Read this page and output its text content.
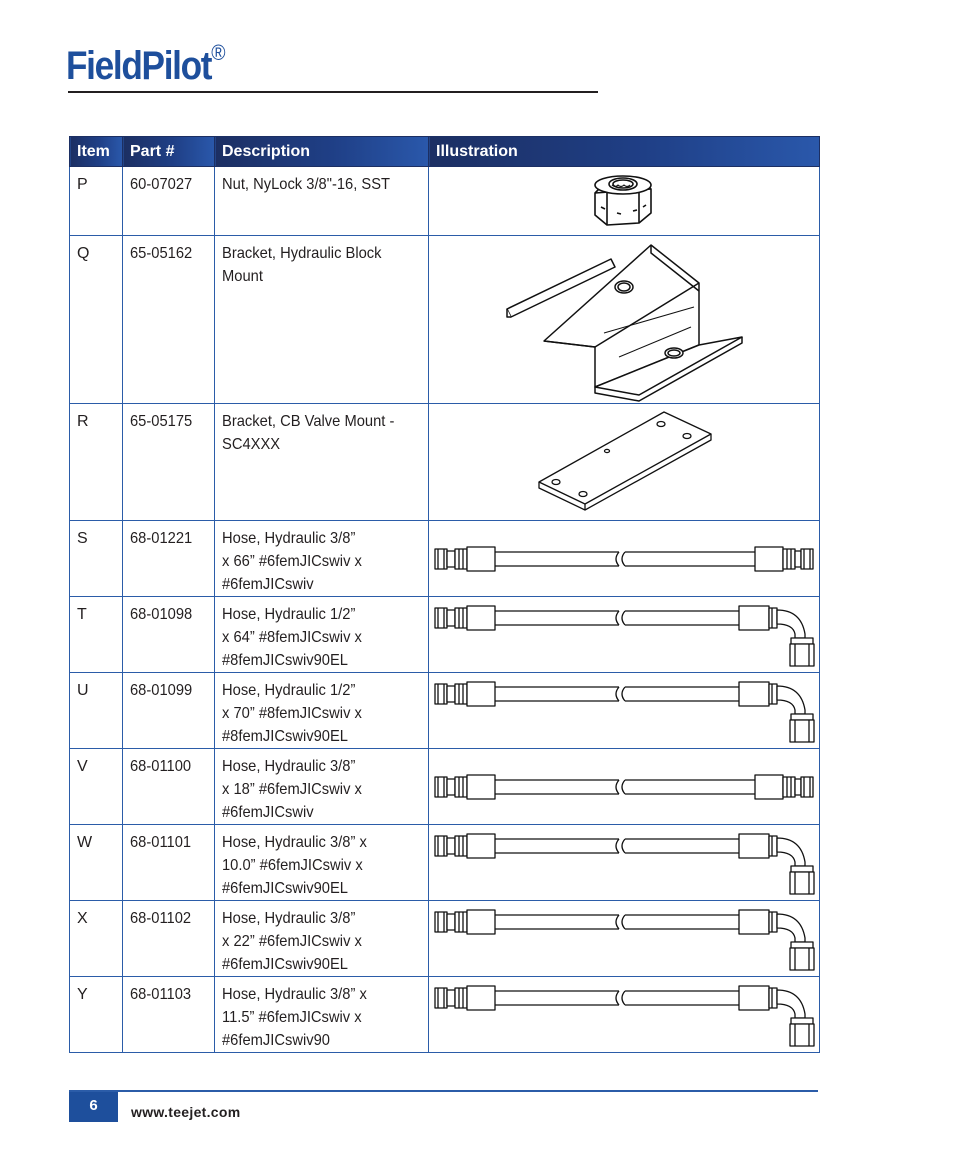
FieldPilot®
Item	Part #	Description	Illustration
P	60-07027	Nut, NyLock 3/8"-16, SST

Q	65-05162	Bracket, Hydraulic Block
Mount

R	65-05175	Bracket, CB Valve Mount -
SC4XXX

S	68-01221	Hose, Hydraulic 3/8”
x 66” #6femJICswiv x
#6femJICswiv

T	68-01098	Hose, Hydraulic 1/2”
x 64” #8femJICswiv x
#8femJICswiv90EL

U	68-01099	Hose, Hydraulic 1/2”
x 70” #8femJICswiv x
#8femJICswiv90EL

V	68-01100	Hose, Hydraulic 3/8”
x 18” #6femJICswiv x
#6femJICswiv

W	68-01101	Hose, Hydraulic 3/8” x
10.0” #6femJICswiv x
#6femJICswiv90EL

X	68-01102	Hose, Hydraulic 3/8”
x 22” #6femJICswiv x
#6femJICswiv90EL

Y	68-01103	Hose, Hydraulic 3/8” x
11.5” #6femJICswiv x
#6femJICswiv90

6	www.teejet.com
